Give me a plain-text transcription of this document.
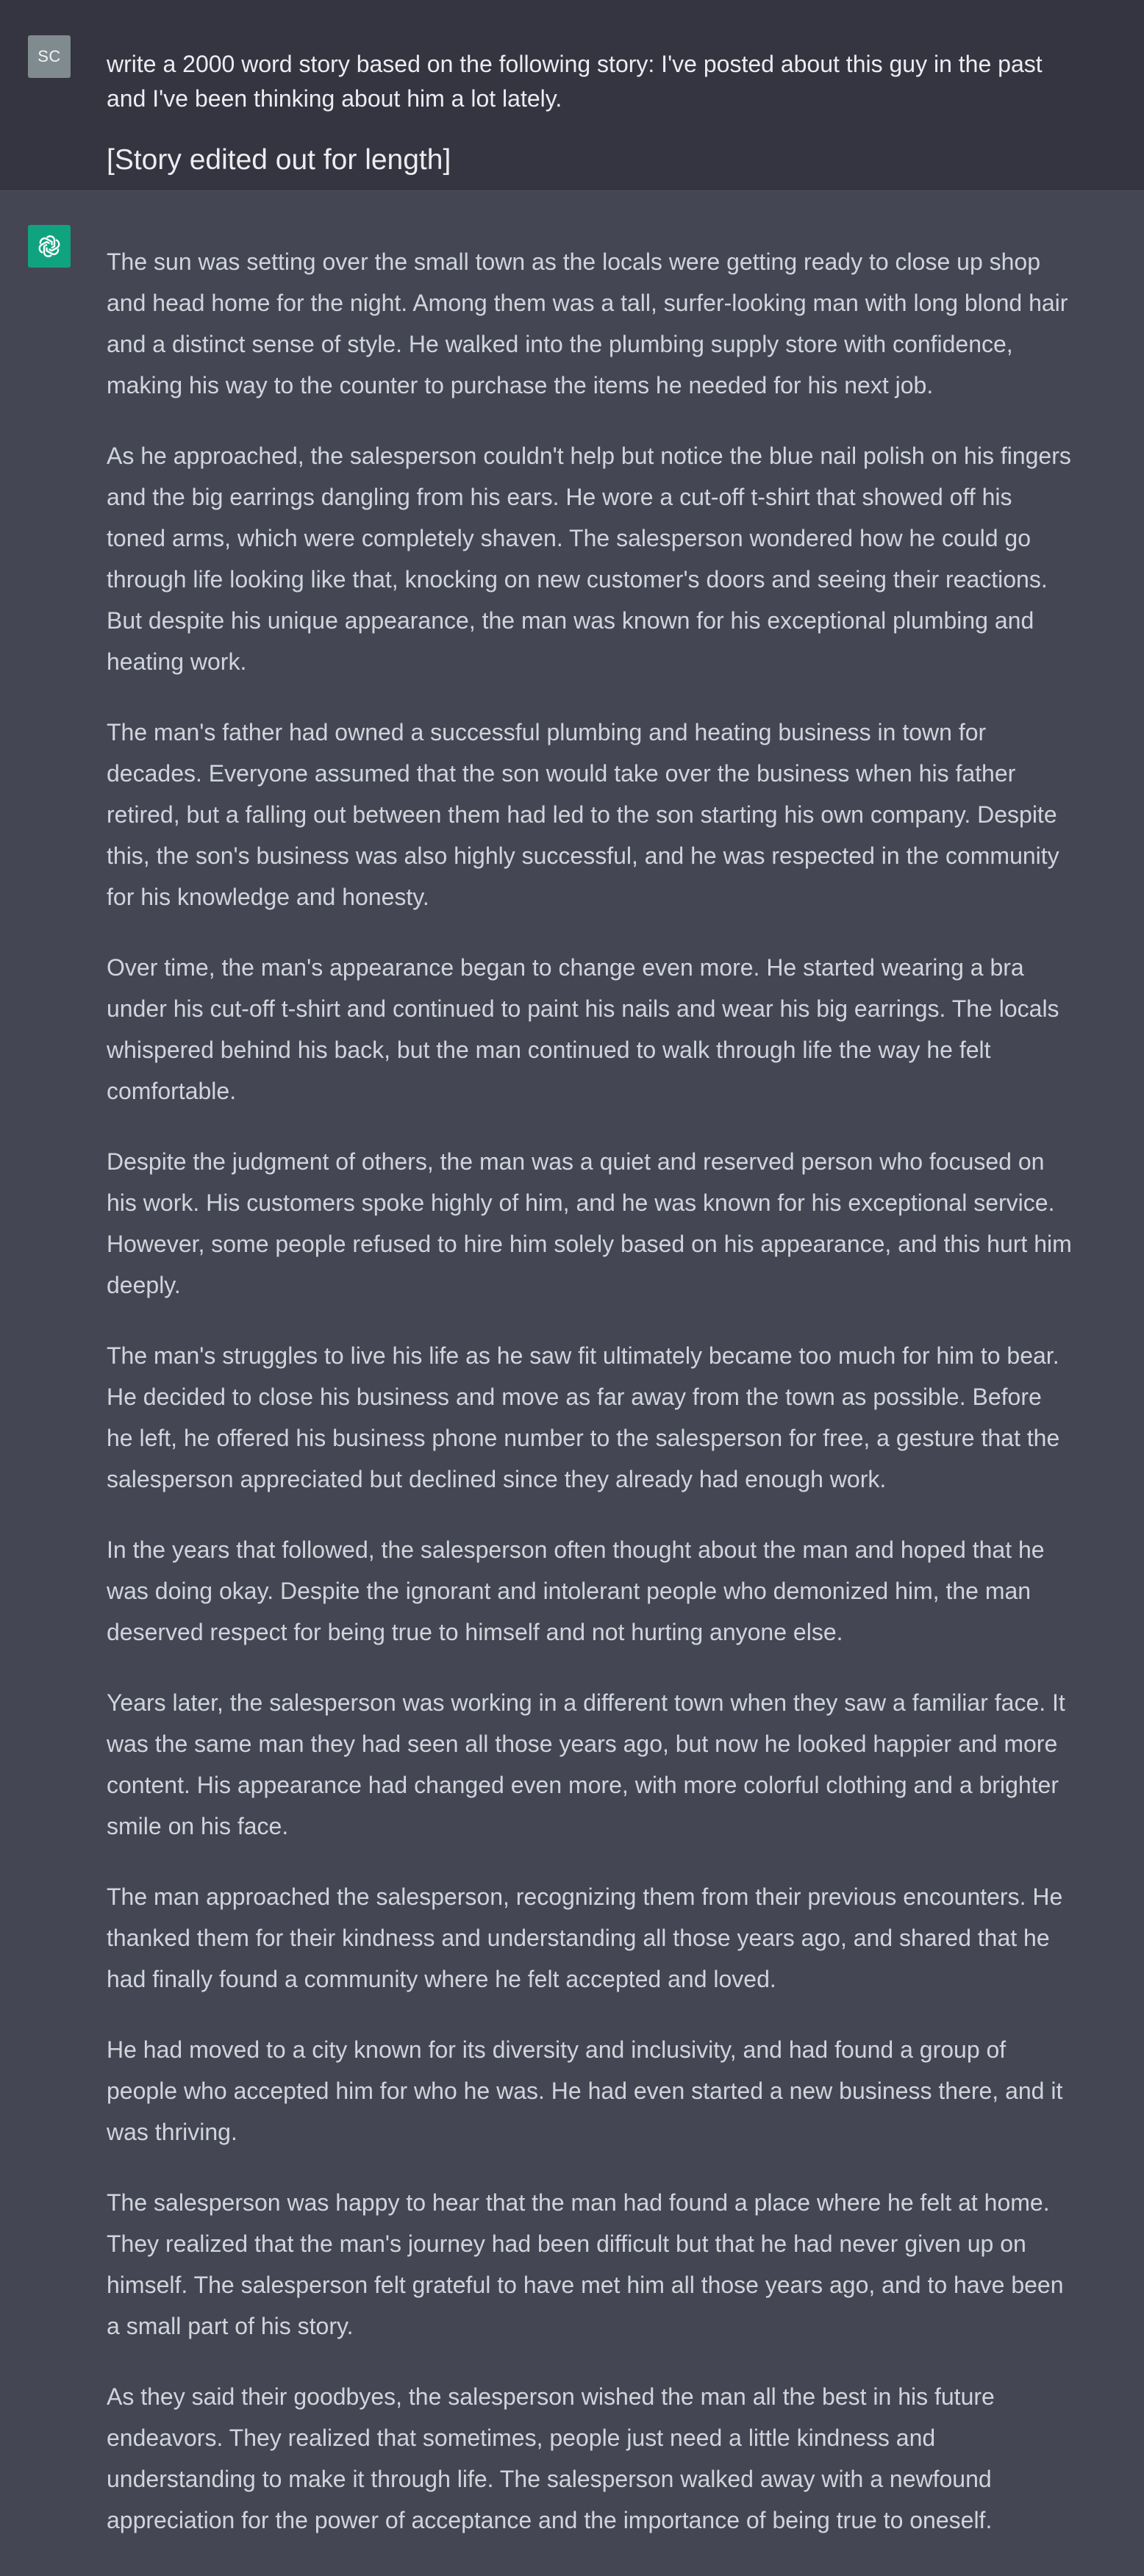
SC write a 2000 word story based on the following story: I've posted about this guy in the past and I've been thinking about him a lot lately.

[Story edited out for length]

The sun was setting over the small town as the locals were getting ready to close up shop and head home for the night. Among them was a tall, surfer-looking man with long blond hair and a distinct sense of style. He walked into the plumbing supply store with confidence, making his way to the counter to purchase the items he needed for his next job.

As he approached, the salesperson couldn't help but notice the blue nail polish on his fingers and the big earrings dangling from his ears. He wore a cut-off t-shirt that showed off his toned arms, which were completely shaven. The salesperson wondered how he could go through life looking like that, knocking on new customer's doors and seeing their reactions. But despite his unique appearance, the man was known for his exceptional plumbing and heating work.

The man's father had owned a successful plumbing and heating business in town for decades. Everyone assumed that the son would take over the business when his father retired, but a falling out between them had led to the son starting his own company. Despite this, the son's business was also highly successful, and he was respected in the community for his knowledge and honesty.

Over time, the man's appearance began to change even more. He started wearing a bra under his cut-off t-shirt and continued to paint his nails and wear his big earrings. The locals whispered behind his back, but the man continued to walk through life the way he felt comfortable.

Despite the judgment of others, the man was a quiet and reserved person who focused on his work. His customers spoke highly of him, and he was known for his exceptional service. However, some people refused to hire him solely based on his appearance, and this hurt him deeply.

The man's struggles to live his life as he saw fit ultimately became too much for him to bear. He decided to close his business and move as far away from the town as possible. Before he left, he offered his business phone number to the salesperson for free, a gesture that the salesperson appreciated but declined since they already had enough work.

In the years that followed, the salesperson often thought about the man and hoped that he was doing okay. Despite the ignorant and intolerant people who demonized him, the man deserved respect for being true to himself and not hurting anyone else.

Years later, the salesperson was working in a different town when they saw a familiar face. It was the same man they had seen all those years ago, but now he looked happier and more content. His appearance had changed even more, with more colorful clothing and a brighter smile on his face.

The man approached the salesperson, recognizing them from their previous encounters. He thanked them for their kindness and understanding all those years ago, and shared that he had finally found a community where he felt accepted and loved.

He had moved to a city known for its diversity and inclusivity, and had found a group of people who accepted him for who he was. He had even started a new business there, and it was thriving.

The salesperson was happy to hear that the man had found a place where he felt at home. They realized that the man's journey had been difficult but that he had never given up on himself. The salesperson felt grateful to have met him all those years ago, and to have been a small part of his story.

As they said their goodbyes, the salesperson wished the man all the best in his future endeavors. They realized that sometimes, people just need a little kindness and understanding to make it through life. The salesperson walked away with a newfound appreciation for the power of acceptance and the importance of being true to oneself.
